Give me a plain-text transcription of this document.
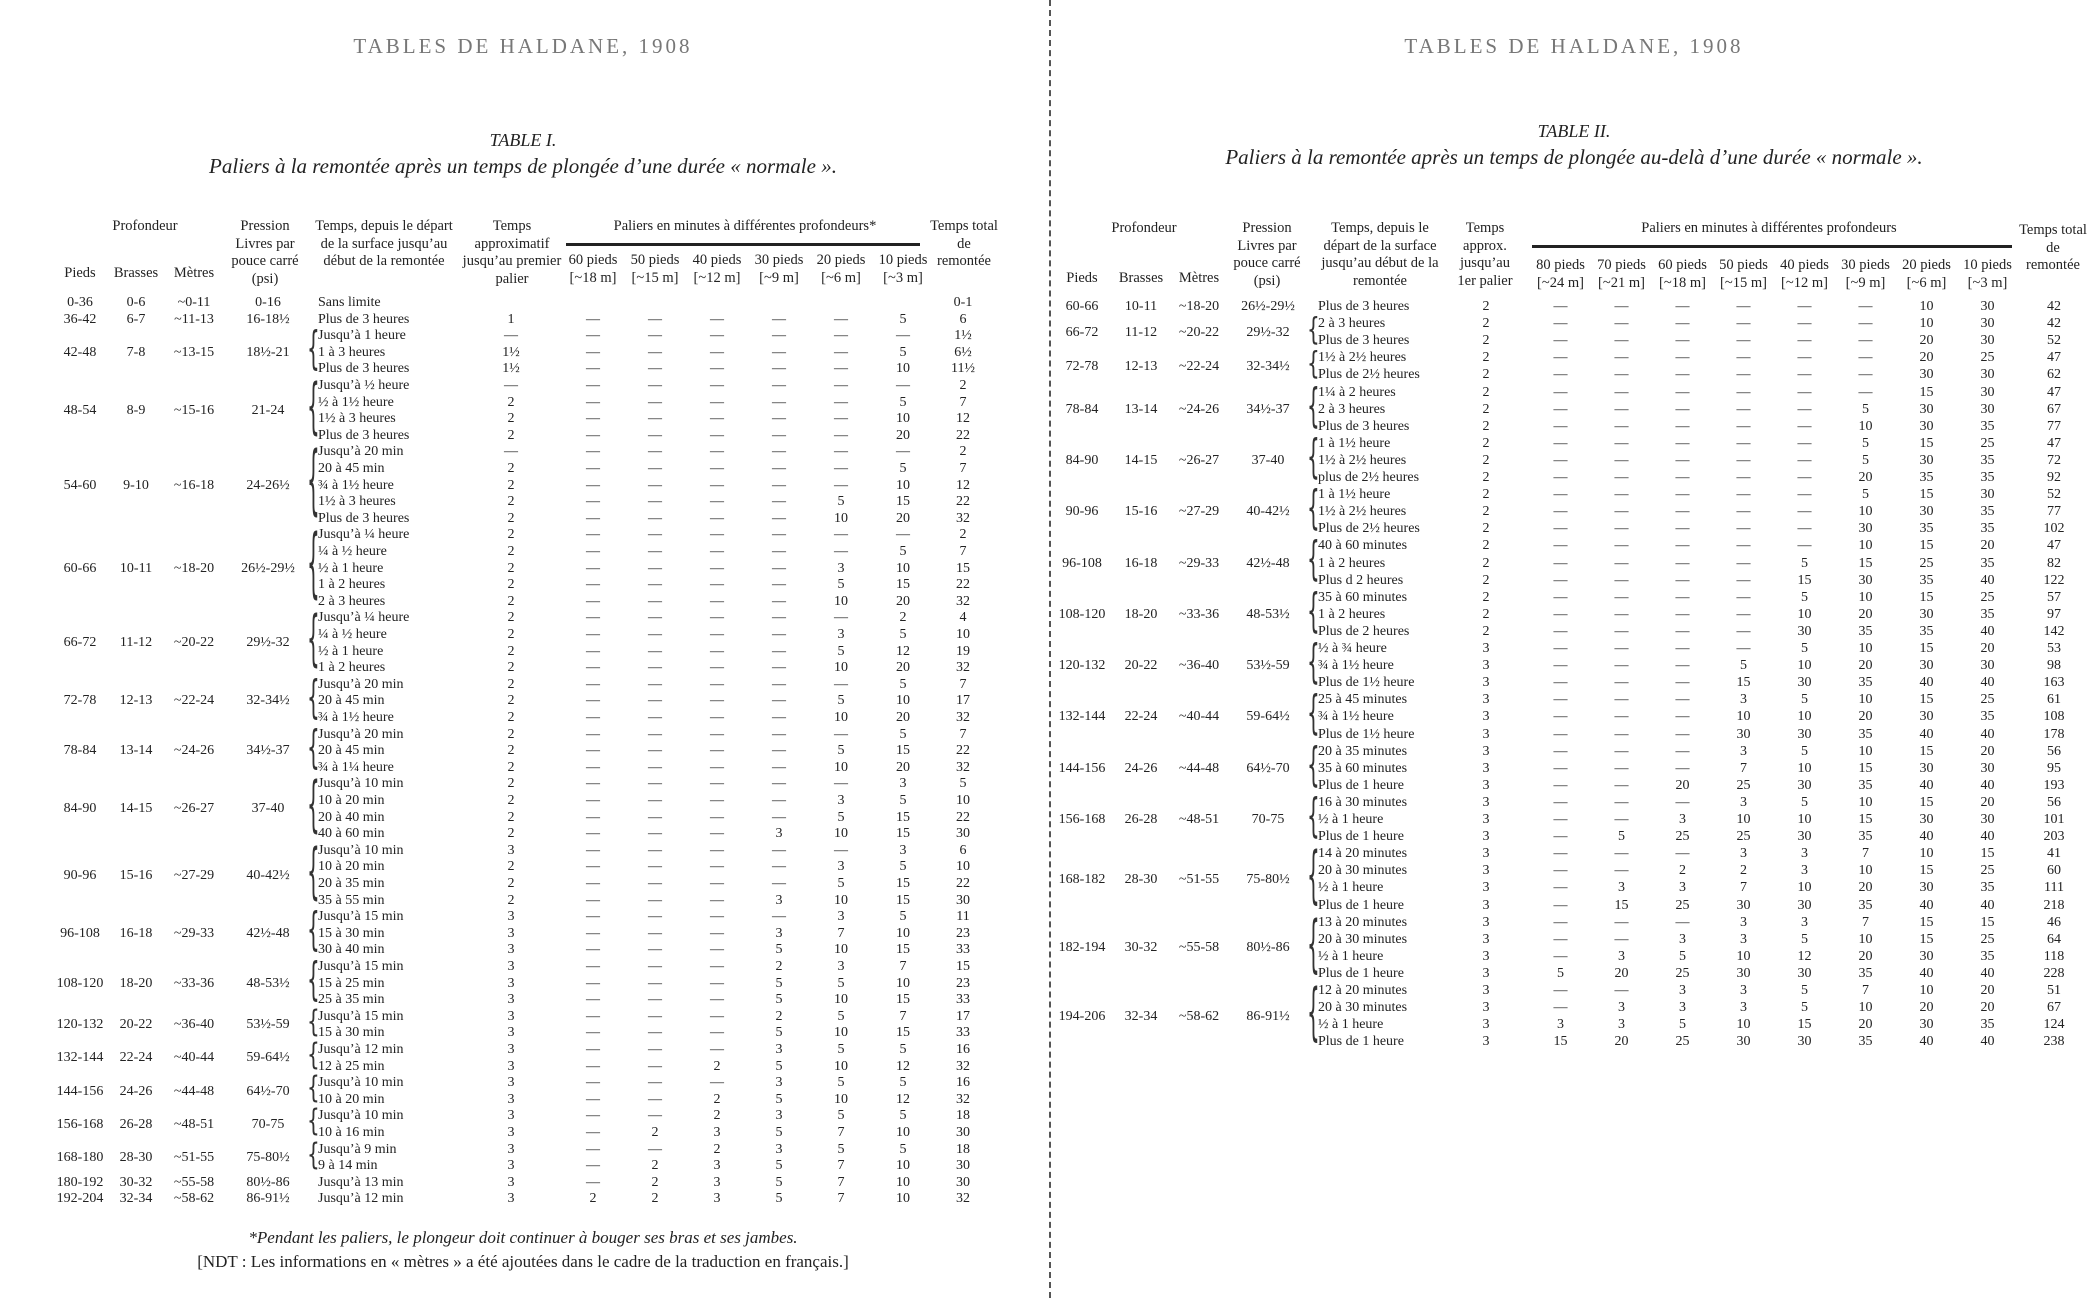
TABLES DE HALDANE, 1908
TABLE I.
Paliers à la remontée après un temps de plongée d’une durée « normale ».
Profondeur
Pieds	Brasses	Mètres
Pression Livres par pouce carré (psi)
Temps, depuis le départ de la surface jusqu’au début de la remontée
Temps approximatif jusqu’au premier palier
Paliers en minutes à différentes profondeurs*	Temps total de remontée
60 pieds [~18 m]
50 pieds [~15 m]
40 pieds [~12 m]
30 pieds [~9 m]
20 pieds [~6 m]
10 pieds [~3 m]
0-36	0-6	~0-11	0-16	Sans limite	0-1
36-42	6-7	~11-13	16-18½	Plus de 3 heures	1	—	—	—	—	—	5	6
42-48	7-8	~13-15	18½-21 {
Jusqu’à 1 heure	—	—	—	—	—	—	—	1½
1 à 3 heures	1½	—	—	—	—	—	5	6½
Plus de 3 heures	1½	—	—	—	—	—	10	11½
48-54	8-9	~15-16	21-24	{
Jusqu’à ½ heure	—	—	—	—	—	—	—	2
½ à 1½ heure	2	—	—	—	—	—	5	7
1½ à 3 heures	2	—	—	—	—	—	10	12
Plus de 3 heures	2	—	—	—	—	—	20	22
54-60	9-10	~16-18	24-26½ {
Jusqu’à 20 min	—	—	—	—	—	—	—	2
20 à 45 min	2	—	—	—	—	—	5	7
¾ à 1½ heure	2	—	—	—	—	—	10	12
1½ à 3 heures	2	—	—	—	—	5	15	22
Plus de 3 heures	2	—	—	—	—	10	20	32
60-66	10-11	~18-20	26½-29½ {
Jusqu’à ¼ heure	2	—	—	—	—	—	—	2
¼ à ½ heure	2	—	—	—	—	—	5	7
½ à 1 heure	2	—	—	—	—	3	10	15
1 à 2 heures	2	—	—	—	—	5	15	22
2 à 3 heures	2	—	—	—	—	10	20	32
66-72	11-12	~20-22	29½-32 {
Jusqu’à ¼ heure	2	—	—	—	—	—	2	4
¼ à ½ heure	2	—	—	—	—	3	5	10
½ à 1 heure	2	—	—	—	—	5	12	19
1 à 2 heures	2	—	—	—	—	10	20	32
72-78	12-13	~22-24	32-34½ {
Jusqu’à 20 min	2	—	—	—	—	—	5	7
20 à 45 min	2	—	—	—	—	5	10	17
¾ à 1½ heure	2	—	—	—	—	10	20	32
78-84	13-14	~24-26	34½-37 {
Jusqu’à 20 min	2	—	—	—	—	—	5	7
20 à 45 min	2	—	—	—	—	5	15	22
¾ à 1¼ heure	2	—	—	—	—	10	20	32
84-90	14-15	~26-27	37-40	{
Jusqu’à 10 min	2	—	—	—	—	—	3	5
10 à 20 min	2	—	—	—	—	3	5	10
20 à 40 min	2	—	—	—	—	5	15	22
40 à 60 min	2	—	—	—	3	10	15	30
90-96	15-16	~27-29	40-42½ {
Jusqu’à 10 min	3	—	—	—	—	—	3	6
10 à 20 min	2	—	—	—	—	3	5	10
20 à 35 min	2	—	—	—	—	5	15	22
35 à 55 min	2	—	—	—	3	10	15	30
96-108	16-18	~29-33	42½-48 {
Jusqu’à 15 min	3	—	—	—	—	3	5	11
15 à 30 min	3	—	—	—	3	7	10	23
30 à 40 min	3	—	—	—	5	10	15	33
108-120	18-20	~33-36	48-53½ {
Jusqu’à 15 min	3	—	—	—	2	3	7	15
15 à 25 min	3	—	—	—	5	5	10	23
25 à 35 min	3	—	—	—	5	10	15	33
120-132	20-22	~36-40	53½-59 {
Jusqu’à 15 min	3	—	—	—	2	5	7	17
15 à 30 min	3	—	—	—	5	10	15	33
132-144	22-24	~40-44	59-64½ {
Jusqu’à 12 min	3	—	—	—	3	5	5	16
12 à 25 min	3	—	—	2	5	10	12	32
144-156	24-26	~44-48	64½-70 {
Jusqu’à 10 min	3	—	—	—	3	5	5	16
10 à 20 min	3	—	—	2	5	10	12	32
156-168	26-28	~48-51	70-75	{
Jusqu’à 10 min	3	—	—	2	3	5	5	18
10 à 16 min	3	—	2	3	5	7	10	30
168-180	28-30	~51-55	75-80½ {
Jusqu’à 9 min	3	—	—	2	3	5	5	18
9 à 14 min	3	—	2	3	5	7	10	30
180-192	30-32	~55-58	80½-86	Jusqu’à 13 min	3	—	2	3	5	7	10	30
192-204	32-34	~58-62	86-91½	Jusqu’à 12 min	3	2	2	3	5	7	10	32
*Pendant les paliers, le plongeur doit continuer à bouger ses bras et ses jambes.
[NDT : Les informations en « mètres » a été ajoutées dans le cadre de la traduction en français.]
TABLES DE HALDANE, 1908
TABLE II.
Paliers à la remontée après un temps de plongée au-delà d’une durée « normale ».
Profondeur
Pieds	Brasses	Mètres
Pression Livres par pouce carré (psi)
Temps, depuis le départ de la surface jusqu’au début de la remontée
Temps approx. jusqu’au 1er palier
Paliers en minutes à différentes profondeurs	Temps total de remontée
80 pieds [~24 m]
70 pieds [~21 m]
60 pieds [~18 m]
50 pieds [~15 m]
40 pieds [~12 m]
30 pieds [~9 m]
20 pieds [~6 m]
10 pieds [~3 m]
60-66	10-11	~18-20	26½-29½	Plus de 3 heures	2	—	—	—	—	—	—	10	30	42
66-72	11-12	~20-22	29½-32 {
2 à 3 heures	2	—	—	—	—	—	—	10	30	42
Plus de 3 heures	2	—	—	—	—	—	—	20	30	52
72-78	12-13	~22-24	32-34½ {
1½ à 2½ heures	2	—	—	—	—	—	—	20	25	47
Plus de 2½ heures	2	—	—	—	—	—	—	30	30	62
78-84	13-14	~24-26	34½-37 {
1¼ à 2 heures	2	—	—	—	—	—	—	15	30	47
2 à 3 heures	2	—	—	—	—	—	5	30	30	67
Plus de 3 heures	2	—	—	—	—	—	10	30	35	77
84-90	14-15	~26-27	37-40	{
1 à 1½ heure	2	—	—	—	—	—	5	15	25	47
1½ à 2½ heures	2	—	—	—	—	—	5	30	35	72
plus de 2½ heures	2	—	—	—	—	—	20	35	35	92
90-96	15-16	~27-29	40-42½ {
1 à 1½ heure	2	—	—	—	—	—	5	15	30	52
1½ à 2½ heures	2	—	—	—	—	—	10	30	35	77
Plus de 2½ heures	2	—	—	—	—	—	30	35	35	102
96-108	16-18	~29-33	42½-48 {
40 à 60 minutes	2	—	—	—	—	—	10	15	20	47
1 à 2 heures	2	—	—	—	—	5	15	25	35	82
Plus d 2 heures	2	—	—	—	—	15	30	35	40	122
108-120	18-20	~33-36	48-53½ {
35 à 60 minutes	2	—	—	—	—	5	10	15	25	57
1 à 2 heures	2	—	—	—	—	10	20	30	35	97
Plus de 2 heures	2	—	—	—	—	30	35	35	40	142
120-132	20-22	~36-40	53½-59 {
½ à ¾ heure	3	—	—	—	—	5	10	15	20	53
¾ à 1½ heure	3	—	—	—	5	10	20	30	30	98
Plus de 1½ heure	3	—	—	—	15	30	35	40	40	163
132-144	22-24	~40-44	59-64½ {
25 à 45 minutes	3	—	—	—	3	5	10	15	25	61
¾ à 1½ heure	3	—	—	—	10	10	20	30	35	108
Plus de 1½ heure	3	—	—	—	30	30	35	40	40	178
144-156	24-26	~44-48	64½-70 {
20 à 35 minutes	3	—	—	—	3	5	10	15	20	56
35 à 60 minutes	3	—	—	—	7	10	15	30	30	95
Plus de 1 heure	3	—	—	20	25	30	35	40	40	193
156-168	26-28	~48-51	70-75	{
16 à 30 minutes	3	—	—	—	3	5	10	15	20	56
½ à 1 heure	3	—	—	3	10	10	15	30	30	101
Plus de 1 heure	3	—	5	25	25	30	35	40	40	203
168-182	28-30	~51-55	75-80½ {
14 à 20 minutes	3	—	—	—	3	3	7	10	15	41
20 à 30 minutes	3	—	—	2	2	3	10	15	25	60
½ à 1 heure	3	—	3	3	7	10	20	30	35	111
Plus de 1 heure	3	—	15	25	30	30	35	40	40	218
182-194	30-32	~55-58	80½-86 {
13 à 20 minutes	3	—	—	—	3	3	7	15	15	46
20 à 30 minutes	3	—	—	3	3	5	10	15	25	64
½ à 1 heure	3	—	3	5	10	12	20	30	35	118
Plus de 1 heure	3	5	20	25	30	30	35	40	40	228
194-206	32-34	~58-62	86-91½ {
12 à 20 minutes	3	—	—	3	3	5	7	10	20	51
20 à 30 minutes	3	—	3	3	3	5	10	20	20	67
½ à 1 heure	3	3	3	5	10	15	20	30	35	124
Plus de 1 heure	3	15	20	25	30	30	35	40	40	238
